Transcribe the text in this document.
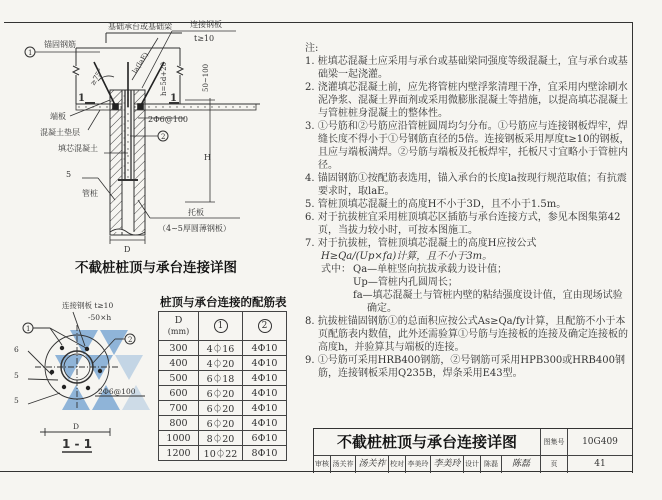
1
2
基础承台或基础梁
锚固钢筋
连接钢板
t≥10
≥75°
la(laE) h=5d+20	50~100
1	1
端板
混凝土垫层
2Φ6@100
填芯混凝土
5
管桩
托板
（4~5厚圆薄钢板）
H
D
不截桩桩顶与承台连接详图
1
2
连接钢板 t≥10
-50×h
6
5
5
2Φ6@100
D
1 - 1
桩顶与承台连接的配筋表
D
(mm)	1	2
300	4⏀16	4Φ10
400	4⏀20	4Φ10
500	6⏀18	4Φ10
600	6⏀20	4Φ10
700	6⏀20	4Φ10
800	6⏀20	4Φ10
1000	8⏀20	6Φ10
1200	10⏀22	8Φ10

注:

1. 桩填芯混凝土应采用与承台或基础梁同强度等级混凝土，宜与承台或基础梁一起浇灌。

2. 浇灌填芯混凝土前，应先将管桩内壁浮浆清理干净，宜采用内壁涂刷水泥净浆、混凝土界面剂或采用微膨胀混凝土等措施，以提高填芯混凝土与管桩桩身混凝土的整体性。

3. ①号筋和②号筋应沿管桩圆周均匀分布。①号筋应与连接钢板焊牢，焊缝长度不得小于①号钢筋直径的5倍。连接钢板采用厚度t≥10的钢板，且应与端板满焊。②号筋与端板及托板焊牢，托板尺寸宜略小于管桩内径。

4. 锚固钢筋①按配筋表选用，锚入承台的长度la按现行规范取值；有抗震要求时，取laE。

5. 管桩顶填芯混凝土的高度H不小于3D，且不小于1.5m。

6. 对于抗拔桩宜采用桩顶填芯区插筋与承台连接方式，参见本图集第42页，当拔力较小时，可按本图施工。

7. 对于抗拔桩，管桩顶填芯混凝土的高度H应按公式

H≥Qa/(Up×fa)计算，且不小于3m。

式中： Qa—单桩竖向抗拔承载力设计值；

Up—管桩内孔圆周长；

fa—填芯混凝土与管桩内壁的粘结强度设计值，宜由现场试验确定。

8. 抗拔桩锚固钢筋①的总面积应按公式As≥Qa/fy计算，且配筋不小于本页配筋表内数值，此外还需验算①号筋与连接板的连接及确定连接板的高度h，并验算其与端板的连接。

9. ①号筋可采用HRB400钢筋，②号钢筋可采用HPB300或HRB400钢筋，连接钢板采用Q235B，焊条采用E43型。

不截桩桩顶与承台连接详图	图集号	10G409
审核 汤关祚 汤关祚 校对 李美玲 李美玲 设计 陈磊	陈磊	页	41
